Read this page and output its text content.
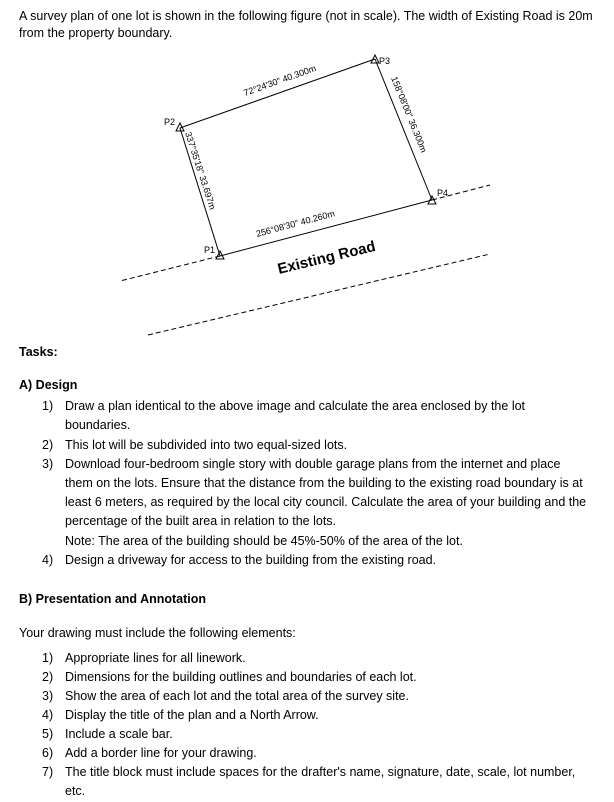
A survey plan of one lot is shown in the following figure (not in scale). The width of Existing Road is 20m from the property boundary.
P2
P3
P4
P1
72°24'30" 40.300m	158°08'00" 36.300m
256°08'30" 40.260m
337°35'18" 33.697m
Existing Road
Tasks:
A) Design
1) Draw a plan identical to the above image and calculate the area enclosed by the lot boundaries.
2) This lot will be subdivided into two equal-sized lots.
3) Download four-bedroom single story with double garage plans from the internet and place them on the lots. Ensure that the distance from the building to the existing road boundary is at least 6 meters, as required by the local city council. Calculate the area of your building and the percentage of the built area in relation to the lots.
Note: The area of the building should be 45%-50% of the area of the lot.
4) Design a driveway for access to the building from the existing road.
B) Presentation and Annotation
Your drawing must include the following elements:
1) Appropriate lines for all linework.
2) Dimensions for the building outlines and boundaries of each lot.
3) Show the area of each lot and the total area of the survey site.
4) Display the title of the plan and a North Arrow.
5) Include a scale bar.
6) Add a border line for your drawing.
7) The title block must include spaces for the drafter's name, signature, date, scale, lot number, etc.
